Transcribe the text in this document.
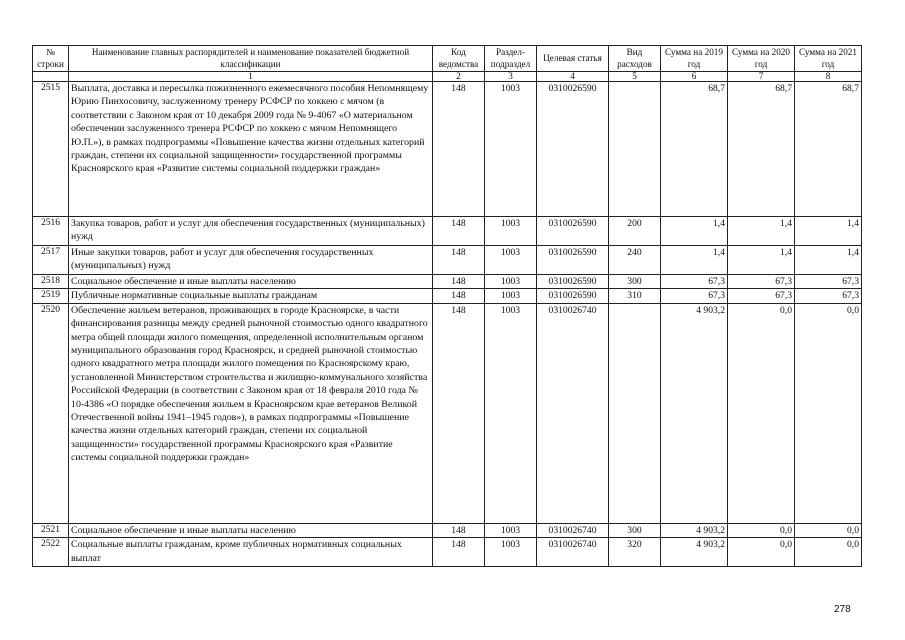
№ строки	Наименование главных распорядителей и наименование показателей бюджетной классификации	Код ведомства	Раздел- подраздел	Целевая статья	Вид расходов	Сумма на 2019 год	Сумма на 2020 год	Сумма на 2021 год
	1	2	3	4	5	6	7	8
2515	Выплата, доставка и пересылка пожизненного ежемесячного пособия Непомнящему Юрию Пинхосовичу, заслуженному тренеру РСФСР по хоккею с мячом (в соответствии с Законом края от 10 декабря 2009 года № 9-4067 «О материальном обеспечении заслуженного тренера РСФСР по хоккею с мячом Непомнящего Ю.П.»), в рамках подпрограммы «Повышение качества жизни отдельных категорий граждан, степени их социальной защищенности» государственной программы Красноярского края «Развитие системы социальной поддержки граждан»	148	1003	0310026590		68,7	68,7	68,7
2516	Закупка товаров, работ и услуг для обеспечения государственных (муниципальных) нужд	148	1003	0310026590	200	1,4	1,4	1,4
2517	Иные закупки товаров, работ и услуг для обеспечения государственных (муниципальных) нужд	148	1003	0310026590	240	1,4	1,4	1,4
2518	Социальное обеспечение и иные выплаты населению	148	1003	0310026590	300	67,3	67,3	67,3
2519	Публичные нормативные социальные выплаты гражданам	148	1003	0310026590	310	67,3	67,3	67,3
2520	Обеспечение жильем ветеранов, проживающих в городе Красноярске, в части финансирования разницы между средней рыночной стоимостью одного квадратного метра общей площади жилого помещения, определенной исполнительным органом муниципального образования город Красноярск, и средней рыночной стоимостью одного квадратного метра площади жилого помещения по Красноярскому краю, установленной Министерством строительства и жилищно-коммунального хозяйства Российской Федерации (в соответствии с Законом края от 18 февраля 2010 года № 10-4386 «О порядке обеспечения жильем в Красноярском крае ветеранов Великой Отечественной войны 1941–1945 годов»), в рамках подпрограммы «Повышение качества жизни отдельных категорий граждан, степени их социальной защищенности» государственной программы Красноярского края «Развитие системы социальной поддержки граждан»	148	1003	0310026740		4 903,2	0,0	0,0
2521	Социальное обеспечение и иные выплаты населению	148	1003	0310026740	300	4 903,2	0,0	0,0
2522	Социальные выплаты гражданам, кроме публичных нормативных социальных выплат	148	1003	0310026740	320	4 903,2	0,0	0,0
278
